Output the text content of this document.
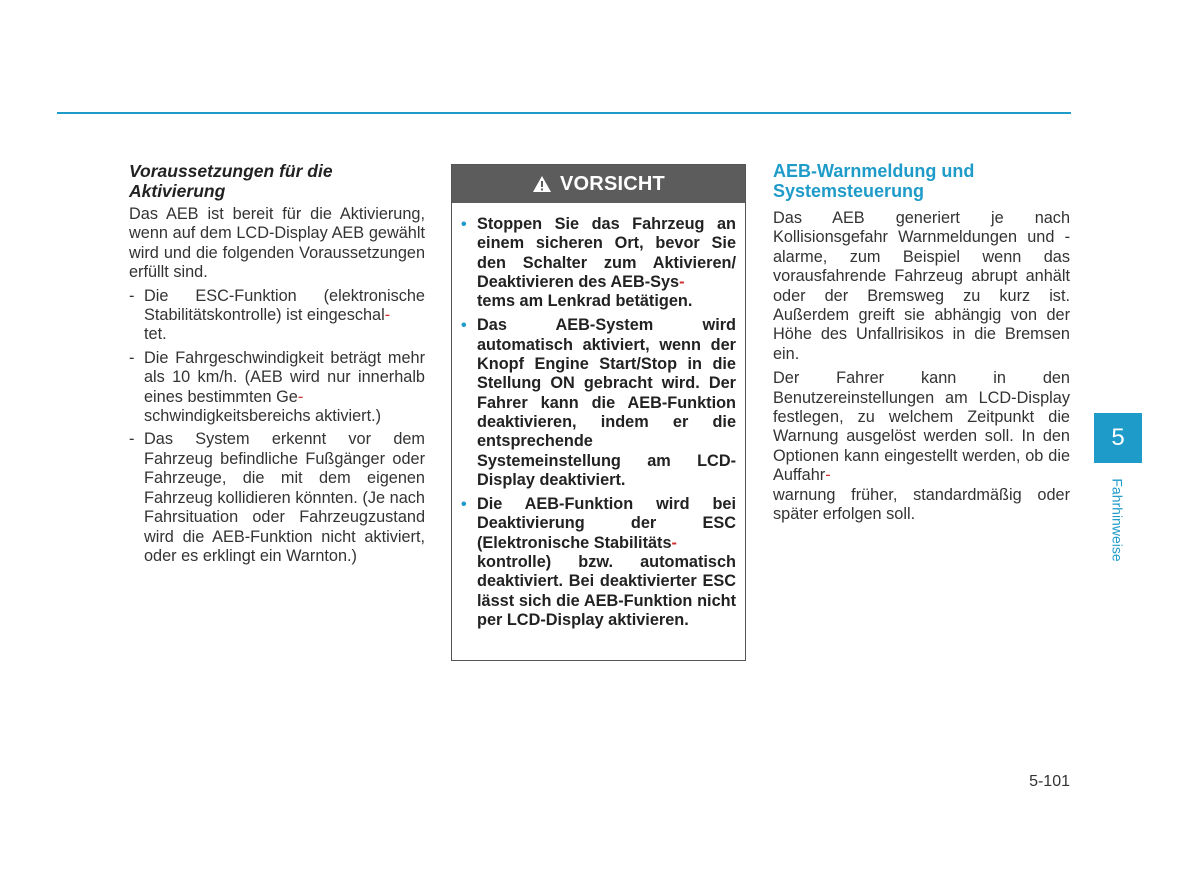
Voraussetzungen für die Aktivierung

Das AEB ist bereit für die Aktivierung, wenn auf dem LCD-Display AEB gewählt wird und die folgenden Voraussetzungen erfüllt sind.

- Die ESC-Funktion (elektronische Stabilitätskontrolle) ist eingeschal-
tet.
- Die Fahrgeschwindigkeit beträgt mehr als 10 km/h. (AEB wird nur innerhalb eines bestimmten Ge-
schwindigkeitsbereichs aktiviert.)
- Das System erkennt vor dem Fahrzeug befindliche Fußgänger oder Fahrzeuge, die mit dem eigenen Fahrzeug kollidieren könnten. (Je nach Fahrsituation oder Fahrzeugzustand wird die AEB-Funktion nicht aktiviert, oder es erklingt ein Warnton.)
VORSICHT
• Stoppen Sie das Fahrzeug an einem sicheren Ort, bevor Sie den Schalter zum Aktivieren/ Deaktivieren des AEB-Sys-
tems am Lenkrad betätigen.
• Das AEB-System wird automatisch aktiviert, wenn der Knopf Engine Start/Stop in die Stellung ON gebracht wird. Der Fahrer kann die AEB-Funktion deaktivieren, indem er die entsprechende Systemeinstellung am LCD-Display deaktiviert.
• Die AEB-Funktion wird bei Deaktivierung der ESC (Elektronische Stabilitäts-
kontrolle) bzw. automatisch deaktiviert. Bei deaktivierter ESC lässt sich die AEB-Funktion nicht per LCD-Display aktivieren.

AEB-Warnmeldung und Systemsteuerung

Das AEB generiert je nach Kollisionsgefahr Warnmeldungen und -alarme, zum Beispiel wenn das vorausfahrende Fahrzeug abrupt anhält oder der Bremsweg zu kurz ist. Außerdem greift sie abhängig von der Höhe des Unfallrisikos in die Bremsen ein.

Der Fahrer kann in den Benutzereinstellungen am LCD-Display festlegen, zu welchem Zeitpunkt die Warnung ausgelöst werden soll. In den Optionen kann eingestellt werden, ob die Auffahr-
warnung früher, standardmäßig oder später erfolgen soll.

5
Fahrhinweise
5-101
